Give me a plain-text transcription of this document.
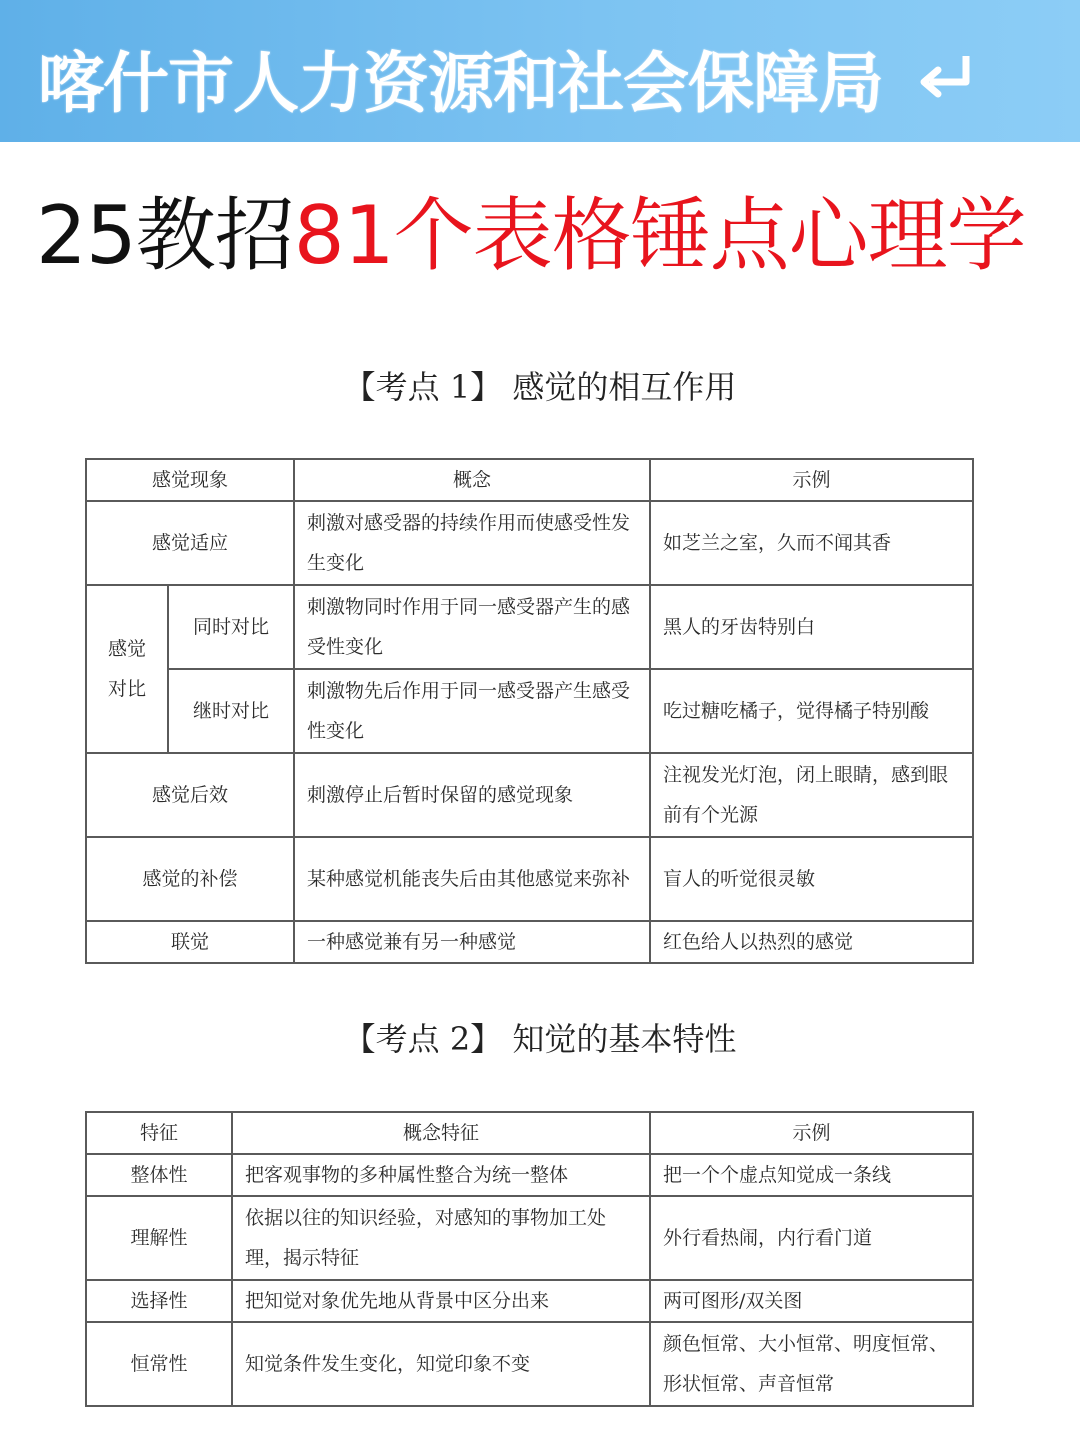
喀什市人力资源和社会保障局
25教招81个表格锤点心理学
【考点 1】 感觉的相互作用
感觉现象		概念	示例
感觉适应		刺激对感受器的持续作用而使感受性发生变化	如芝兰之室，久而不闻其香
感觉对比	同时对比	刺激物同时作用于同一感受器产生的感受性变化	黑人的牙齿特别白
	继时对比	刺激物先后作用于同一感受器产生感受性变化	吃过糖吃橘子，觉得橘子特别酸
感觉后效		刺激停止后暂时保留的感觉现象	注视发光灯泡，闭上眼睛，感到眼前有个光源
感觉的补偿		某种感觉机能丧失后由其他感觉来弥补	盲人的听觉很灵敏
联觉		一种感觉兼有另一种感觉	红色给人以热烈的感觉
【考点 2】 知觉的基本特性
特征	概念特征	示例
整体性	把客观事物的多种属性整合为统一整体	把一个个虚点知觉成一条线
理解性	依据以往的知识经验，对感知的事物加工处理，揭示特征	外行看热闹，内行看门道
选择性	把知觉对象优先地从背景中区分出来	两可图形/双关图
恒常性	知觉条件发生变化，知觉印象不变	颜色恒常、大小恒常、明度恒常、形状恒常、声音恒常
